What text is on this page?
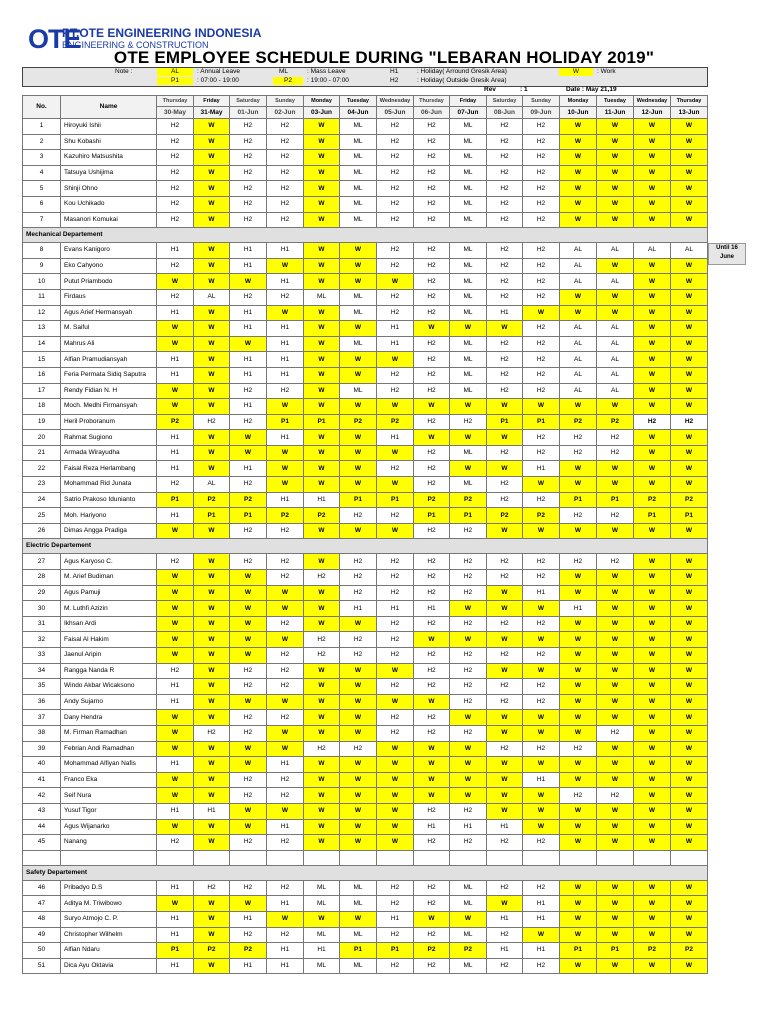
OTE
PT.OTE ENGINEERING INDONESIA
ENGINEERING & CONSTRUCTION
OTE EMPLOYEE SCHEDULE DURING "LEBARAN HOLIDAY 2019"
Note :	AL	: Annual Leave	ML	: Mass Leave	H1	: Holiday( Arround Gresik Area)	W	: Work
P1	: 07:00 - 19:00	P2	: 19:00 - 07:00	H2	: Holiday( Outside Gresik Area)
Rev	: 1	Date : May 21,19
No.	Name	Thursday	Friday	Saturday	Sunday	Monday	Tuesday	Wednesday	Thursday	Friday	Saturday	Sunday	Monday	Tuesday	Wednesday	Thursday
		30-May	31-May	01-Jun	02-Jun	03-Jun	04-Jun	05-Jun	06-Jun	07-Jun	08-Jun	09-Jun	10-Jun	11-Jun	12-Jun	13-Jun
1	Hiroyuki Ishii	H2	W	H2	H2	W	ML	H2	H2	ML	H2	H2	W	W	W	W
2	Shu Kobashi	H2	W	H2	H2	W	ML	H2	H2	ML	H2	H2	W	W	W	W
3	Kazuhiro Matsushita	H2	W	H2	H2	W	ML	H2	H2	ML	H2	H2	W	W	W	W
4	Tatsuya Ushijima	H2	W	H2	H2	W	ML	H2	H2	ML	H2	H2	W	W	W	W
5	Shinji Ohno	H2	W	H2	H2	W	ML	H2	H2	ML	H2	H2	W	W	W	W
6	Kou Uchikado	H2	W	H2	H2	W	ML	H2	H2	ML	H2	H2	W	W	W	W
7	Masanori Komukai	H2	W	H2	H2	W	ML	H2	H2	ML	H2	H2	W	W	W	W
Mechanical Departement																
8	Evans Kanigoro	H1	W	H1	H1	W	W	H2	H2	ML	H2	H2	AL	AL	AL	AL
9	Eko Cahyono	H2	W	H1	W	W	W	H2	H2	ML	H2	H2	AL	W	W	W
10	Putut Priambodo	W	W	W	H1	W	W	W	H2	ML	H2	H2	AL	AL	W	W
11	Firdaus	H2	AL	H2	H2	ML	ML	H2	H2	ML	H2	H2	W	W	W	W
12	Agus Arief Hermansyah	H1	W	H1	W	W	ML	H2	H2	ML	H1	W	W	W	W	W
13	M. Saiful	W	W	H1	H1	W	W	H1	W	W	W	H2	AL	AL	W	W
14	Mahrus Ali	W	W	W	H1	W	ML	H1	H2	ML	H2	H2	AL	AL	W	W
15	Alfian Pramudiansyah	H1	W	H1	H1	W	W	W	H2	ML	H2	H2	AL	AL	W	W
16	Feria Permata Sidiq Saputra	H1	W	H1	H1	W	W	H2	H2	ML	H2	H2	AL	AL	W	W
17	Rendy Fidian N. H	W	W	H2	H2	W	ML	H2	H2	ML	H2	H2	AL	AL	W	W
18	Moch. Medhi Firmansyah	W	W	H1	W	W	W	W	W	W	W	W	W	W	W	W
19	Heril Proboranum	P2	H2	H2	P1	P1	P2	P2	H2	H2	P1	P1	P2	P2	H2	H2
20	Rahmat Sugiono	H1	W	W	H1	W	W	H1	W	W	W	H2	H2	H2	W	W
21	Armada Wirayudha	H1	W	W	W	W	W	W	H2	ML	H2	H2	H2	H2	W	W
22	Faisal Reza Herlambang	H1	W	H1	W	W	W	H2	H2	W	W	H1	W	W	W	W
23	Mohammad Rid Junata	H2	AL	H2	W	W	W	W	H2	ML	H2	W	W	W	W	W
24	Satrio Prakoso Idunianto	P1	P2	P2	H1	H1	P1	P1	P2	P2	H2	H2	P1	P1	P2	P2
25	Moh. Hariyono	H1	P1	P1	P2	P2	H2	H2	P1	P1	P2	P2	H2	H2	P1	P1
26	Dimas Angga Pradiga	W	W	H2	H2	W	W	W	H2	H2	W	W	W	W	W	W
Electric Departement																
27	Agus Karyoso C.	H2	W	H2	H2	W	H2	H2	H2	H2	H2	H2	H2	H2	W	W
28	M. Arief Budiman	W	W	W	H2	H2	H2	H2	H2	H2	H2	H2	W	W	W	W
29	Agus Pamuji	W	W	W	W	W	H2	H2	H2	H2	W	H1	W	W	W	W
30	M. Luthfi Azizin	W	W	W	W	W	H1	H1	H1	W	W	W	H1	W	W	W
31	Ikhsan Ardi	W	W	W	H2	W	W	H2	H2	H2	H2	H2	W	W	W	W
32	Faisal Al Hakim	W	W	W	W	H2	H2	H2	W	W	W	W	W	W	W	W
33	Jaenul Aripin	W	W	W	H2	H2	H2	H2	H2	H2	H2	H2	W	W	W	W
34	Rangga Nanda R	H2	W	H2	H2	W	W	W	H2	H2	W	W	W	W	W	W
35	Windo Akbar Wicaksono	H1	W	H2	H2	W	W	H2	H2	H2	H2	H2	W	W	W	W
36	Andy Sujarno	H1	W	W	W	W	W	W	W	H2	H2	H2	W	W	W	W
37	Dany Hendra	W	W	H2	H2	W	W	H2	H2	W	W	W	W	W	W	W
38	M. Firman Ramadhan	W	H2	H2	W	W	W	H2	H2	H2	W	W	W	H2	W	W
39	Febrian Andi Ramadhan	W	W	W	W	H2	H2	W	W	W	H2	H2	H2	W	W	W
40	Mohammad Alfiyan Nafis	H1	W	W	H1	W	W	W	W	W	W	W	W	W	W	W
41	Franco Eka	W	W	H2	H2	W	W	W	W	W	W	H1	W	W	W	W
42	Seif Nura	W	W	H2	H2	W	W	W	W	W	W	W	H2	H2	W	W
43	Yusuf Tigor	H1	H1	W	W	W	W	W	H2	H2	W	W	W	W	W	W
44	Agus Wijanarko	W	W	W	H1	W	W	W	H1	H1	H1	W	W	W	W	W
45	Nanang	H2	W	H2	H2	W	W	W	H2	H2	H2	H2	W	W	W	W

Safety Departement																
46	Pribadyo D.S	H1	H2	H2	H2	ML	ML	H2	H2	ML	H2	H2	W	W	W	W
47	Aditya M. Triwibowo	W	W	W	H1	ML	ML	H2	H2	ML	W	H1	W	W	W	W
48	Suryo Atmojo C. P.	H1	W	H1	W	W	W	H1	W	W	H1	H1	W	W	W	W
49	Christopher Wilhelm	H1	W	H2	H2	ML	ML	H2	H2	ML	H2	W	W	W	W	W
50	Alfian Ndaru	P1	P2	P2	H1	H1	P1	P1	P2	P2	H1	H1	P1	P1	P2	P2
51	Dica Ayu Oktavia	H1	W	H1	H1	ML	ML	H2	H2	ML	H2	H2	W	W	W	W
Until 16 June
